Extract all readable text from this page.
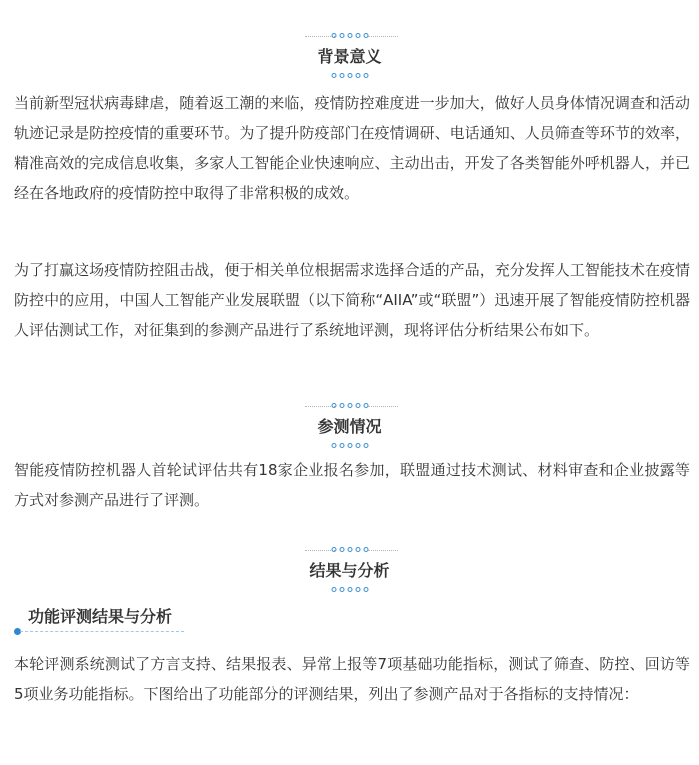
背景意义

当前新型冠状病毒肆虐，随着返工潮的来临，疫情防控难度进一步加大，做好人员身体情况调查和活动轨迹记录是防控疫情的重要环节。为了提升防疫部门在疫情调研、电话通知、人员筛查等环节的效率，精准高效的完成信息收集，多家人工智能企业快速响应、主动出击，开发了各类智能外呼机器人，并已经在各地政府的疫情防控中取得了非常积极的成效。

为了打赢这场疫情防控阻击战，便于相关单位根据需求选择合适的产品，充分发挥人工智能技术在疫情防控中的应用，中国人工智能产业发展联盟（以下简称“AIIA”或“联盟”）迅速开展了智能疫情防控机器人评估测试工作，对征集到的参测产品进行了系统地评测，现将评估分析结果公布如下。

参测情况

智能疫情防控机器人首轮试评估共有18家企业报名参加，联盟通过技术测试、材料审查和企业披露等方式对参测产品进行了评测。

结果与分析
功能评测结果与分析

本轮评测系统测试了方言支持、结果报表、异常上报等7项基础功能指标，测试了筛查、防控、回访等5项业务功能指标。下图给出了功能部分的评测结果，列出了参测产品对于各指标的支持情况：
